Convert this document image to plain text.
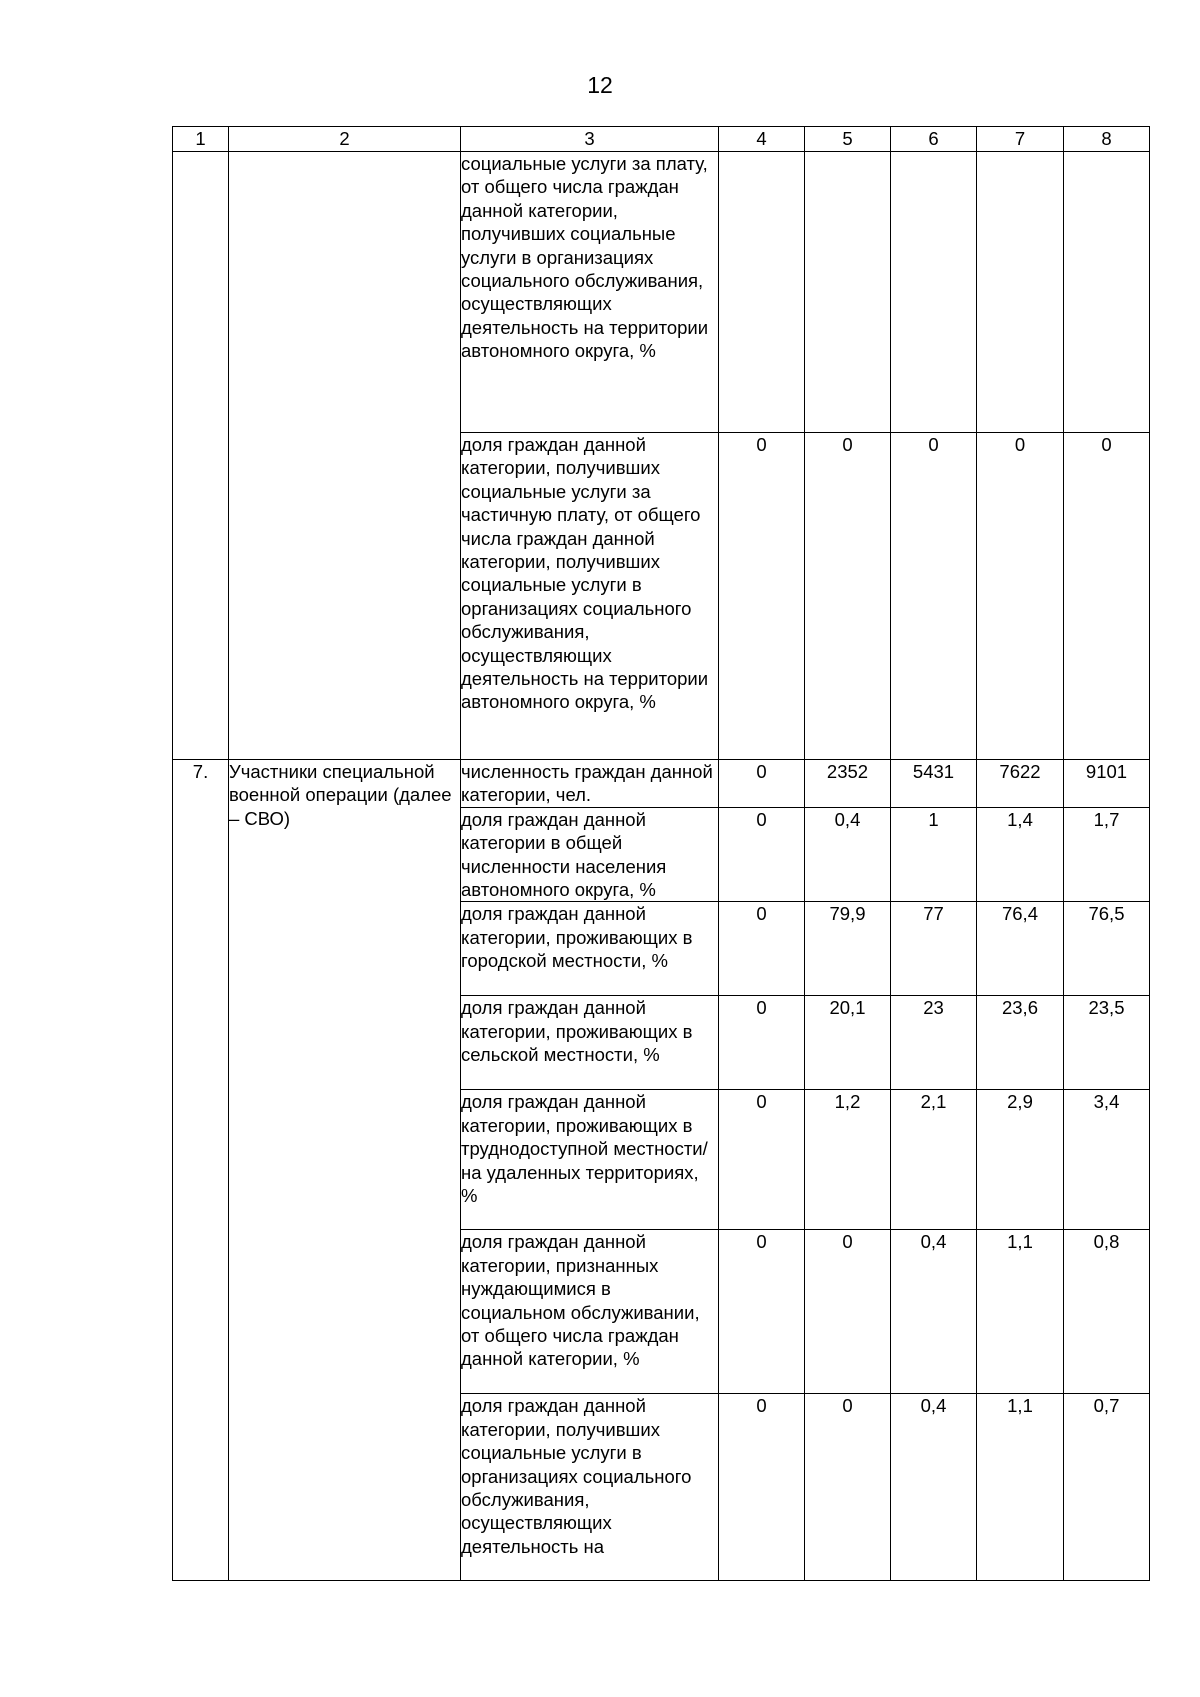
12
1	2	3	4	5	6	7	8
		социальные услуги за плату, от общего числа граждан данной категории, получивших социальные услуги в организациях социального обслуживания, осуществляющих деятельность на территории автономного округа, %					
		доля граждан данной категории, получивших социальные услуги за частичную плату, от общего числа граждан данной категории, получивших социальные услуги в организациях социального обслуживания, осуществляющих деятельность на территории автономного округа, %	0	0	0	0	0
7.	Участники специальной военной операции (далее – СВО)	численность граждан данной категории, чел.	0	2352	5431	7622	9101
		доля граждан данной категории в общей численности населения автономного округа, %	0	0,4	1	1,4	1,7
		доля граждан данной категории, проживающих в городской местности, %	0	79,9	77	76,4	76,5
		доля граждан данной категории, проживающих в сельской местности, %	0	20,1	23	23,6	23,5
		доля граждан данной категории, проживающих в труднодоступной местности/на удаленных территориях, %	0	1,2	2,1	2,9	3,4
		доля граждан данной категории, признанных нуждающимися в социальном обслуживании, от общего числа граждан данной категории, %	0	0	0,4	1,1	0,8
		доля граждан данной категории, получивших социальные услуги в организациях социального обслуживания, осуществляющих деятельность на	0	0	0,4	1,1	0,7
